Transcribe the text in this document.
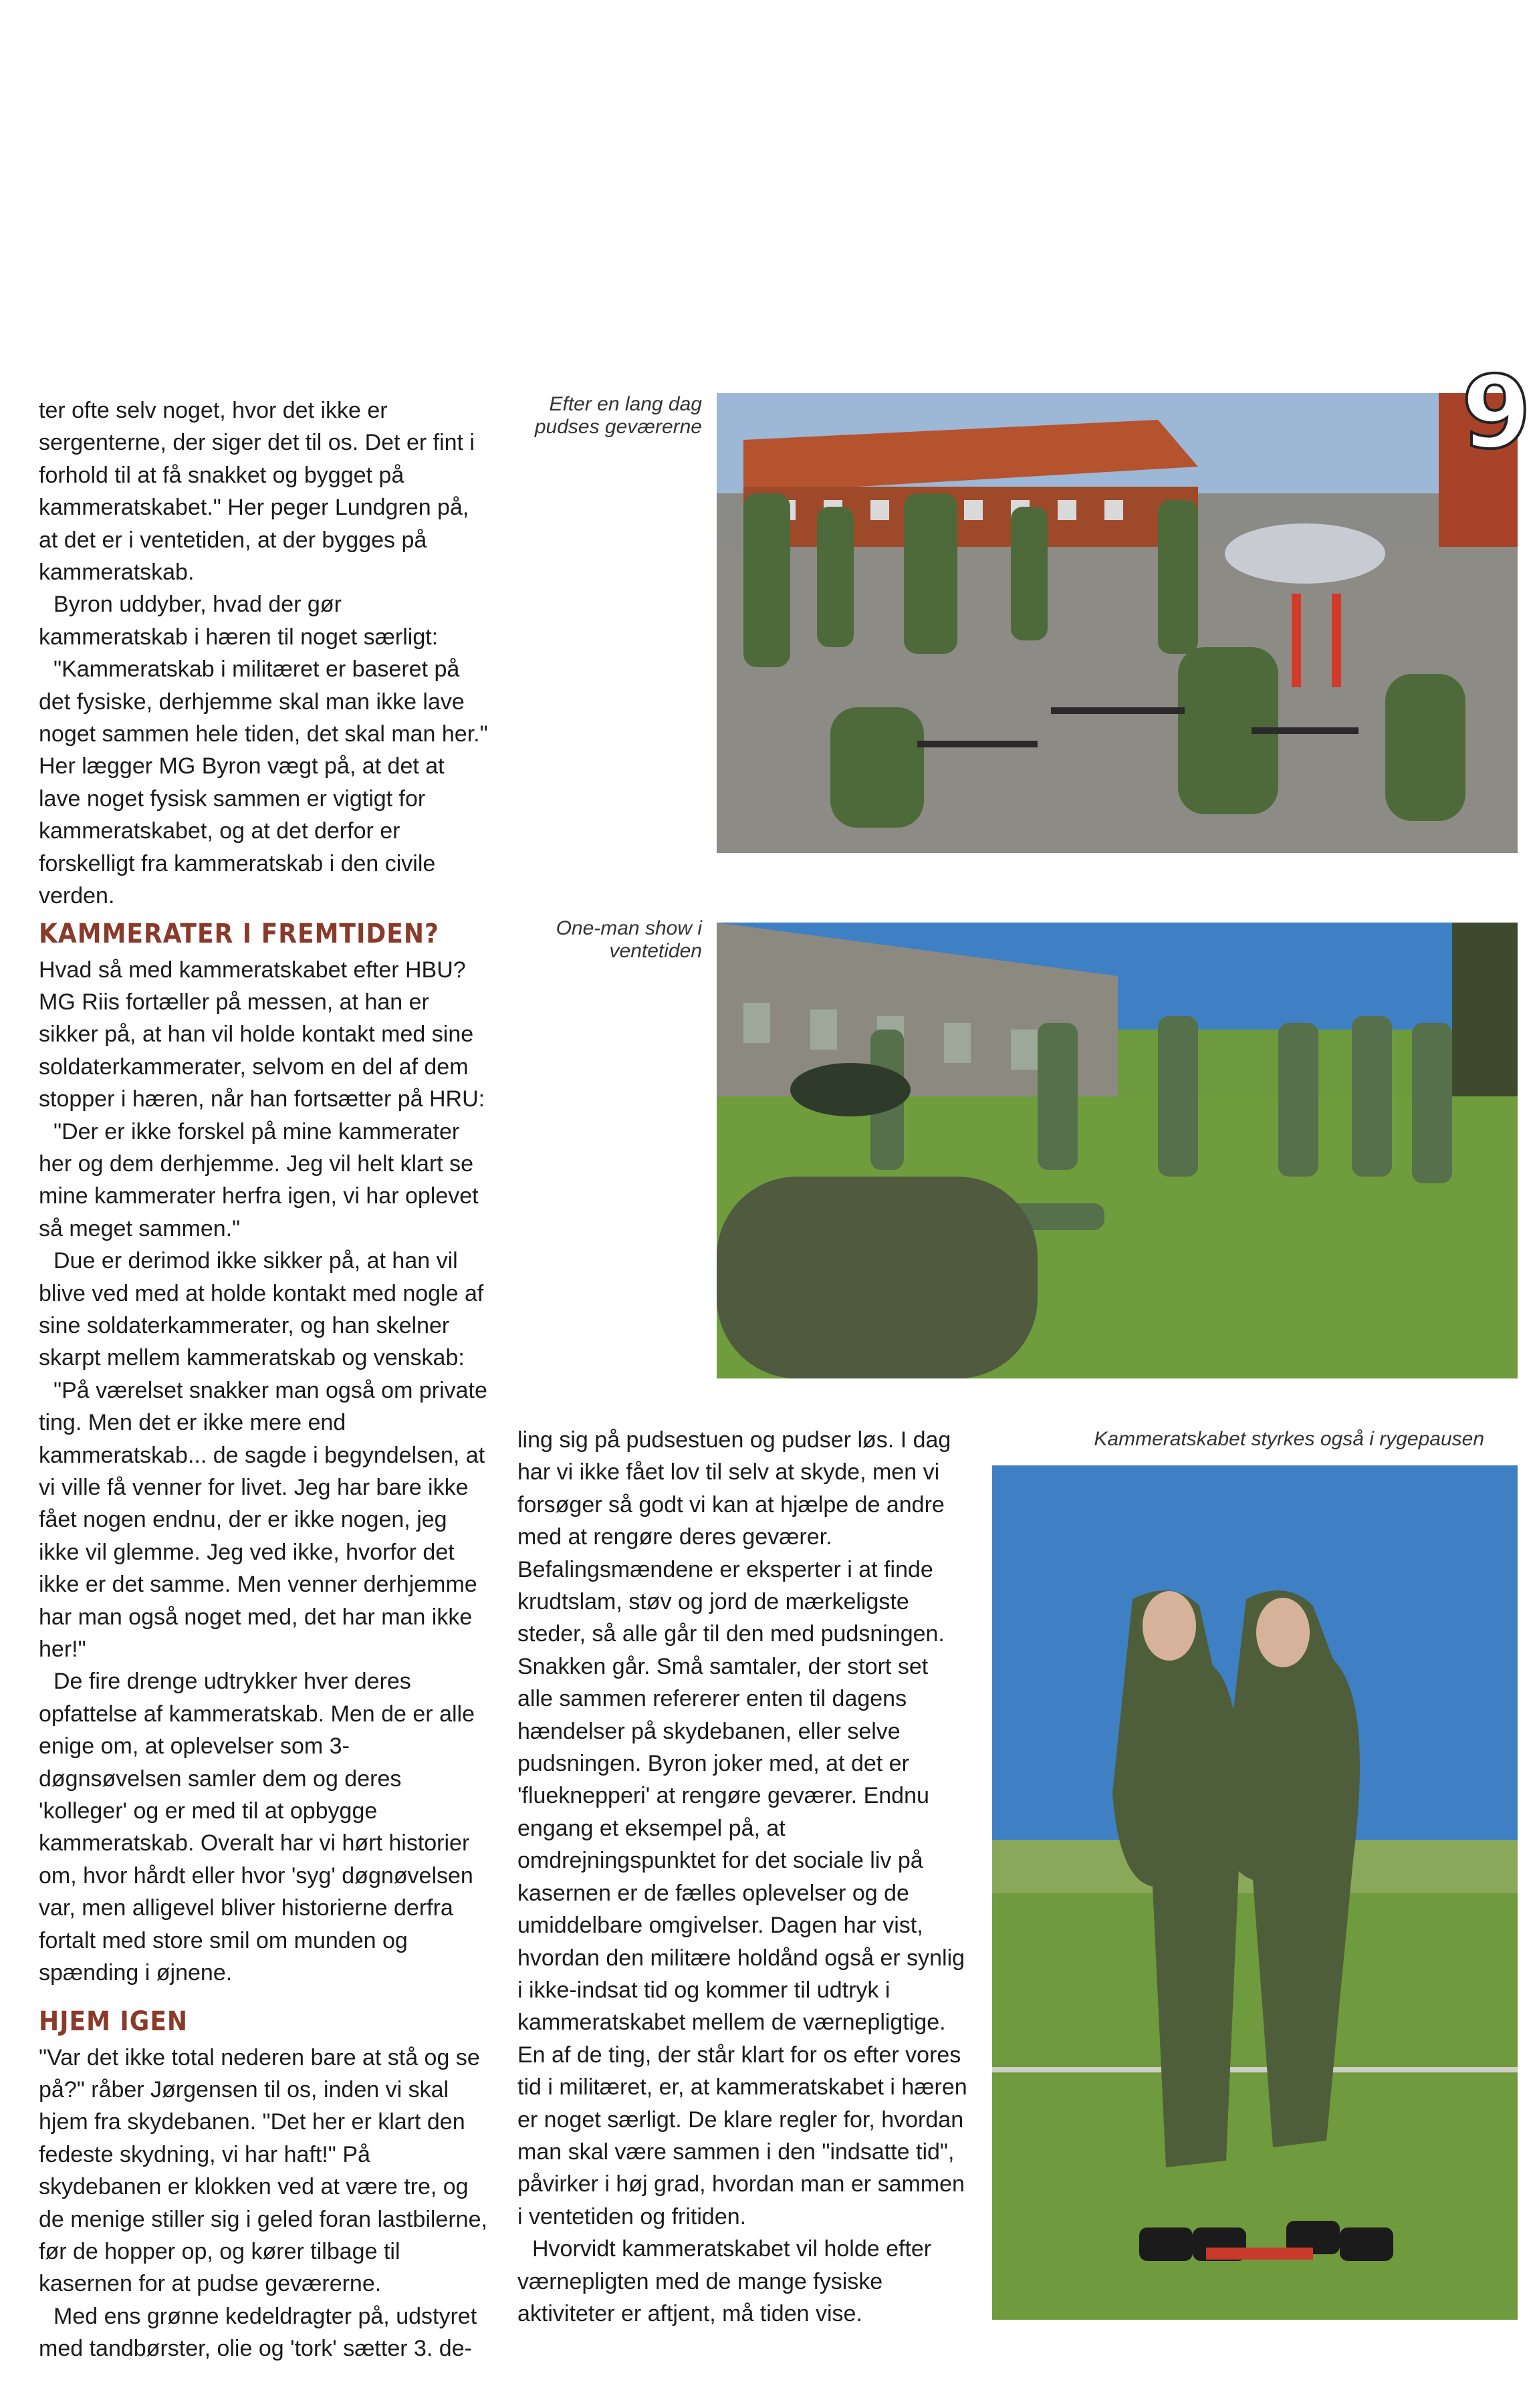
ter ofte selv noget, hvor det ikke er sergenterne, der siger det til os. Det er fint i forhold til at få snakket og bygget på kammeratskabet." Her peger Lundgren på, at det er i ventetiden, at der bygges på kammeratskab.

Byron uddyber, hvad der gør kammeratskab i hæren til noget særligt:

"Kammeratskab i militæret er baseret på det fysiske, derhjemme skal man ikke lave noget sammen hele tiden, det skal man her." Her lægger MG Byron vægt på, at det at lave noget fysisk sammen er vigtigt for kammeratskabet, og at det derfor er forskelligt fra kammeratskab i den civile verden.

KAMMERATER I FREMTIDEN?

Hvad så med kammeratskabet efter HBU? MG Riis fortæller på messen, at han er sikker på, at han vil holde kontakt med sine soldaterkammerater, selvom en del af dem stopper i hæren, når han fortsætter på HRU:

"Der er ikke forskel på mine kammerater her og dem derhjemme. Jeg vil helt klart se mine kammerater herfra igen, vi har oplevet så meget sammen."

Due er derimod ikke sikker på, at han vil blive ved med at holde kontakt med nogle af sine soldaterkammerater, og han skelner skarpt mellem kammeratskab og venskab:

"På værelset snakker man også om private ting. Men det er ikke mere end kammeratskab... de sagde i begyndelsen, at vi ville få venner for livet. Jeg har bare ikke fået nogen endnu, der er ikke nogen, jeg ikke vil glemme. Jeg ved ikke, hvorfor det ikke er det samme. Men venner derhjemme har man også noget med, det har man ikke her!"

De fire drenge udtrykker hver deres opfattelse af kammeratskab. Men de er alle enige om, at oplevelser som 3-døgnsøvelsen samler dem og deres 'kolleger' og er med til at opbygge kammeratskab. Overalt har vi hørt historier om, hvor hårdt eller hvor 'syg' døgnøvelsen var, men alligevel bliver historierne derfra fortalt med store smil om munden og spænding i øjnene.

HJEM IGEN

"Var det ikke total nederen bare at stå og se på?" råber Jørgensen til os, inden vi skal hjem fra skydebanen. "Det her er klart den fedeste skydning, vi har haft!" På skydebanen er klokken ved at være tre, og de menige stiller sig i geled foran lastbilerne, før de hopper op, og kører tilbage til kasernen for at pudse geværerne.

Med ens grønne kedeldragter på, udstyret med tandbørster, olie og 'tork' sætter 3. de-

ling sig på pudsestuen og pudser løs. I dag har vi ikke fået lov til selv at skyde, men vi forsøger så godt vi kan at hjælpe de andre med at rengøre deres geværer. Befalingsmændene er eksperter i at finde krudtslam, støv og jord de mærkeligste steder, så alle går til den med pudsningen. Snakken går. Små samtaler, der stort set alle sammen refererer enten til dagens hændelser på skydebanen, eller selve pudsningen. Byron joker med, at det er 'flueknepperi' at rengøre geværer. Endnu engang et eksempel på, at omdrejningspunktet for det sociale liv på kasernen er de fælles oplevelser og de umiddelbare omgivelser. Dagen har vist, hvordan den militære holdånd også er synlig i ikke-indsat tid og kommer til udtryk i kammeratskabet mellem de værnepligtige. En af de ting, der står klart for os efter vores tid i militæret, er, at kammeratskabet i hæren er noget særligt. De klare regler for, hvordan man skal være sammen i den "indsatte tid", påvirker i høj grad, hvordan man er sammen i ventetiden og fritiden.

Hvorvidt kammeratskabet vil holde efter værnepligten med de mange fysiske aktiviteter er aftjent, må tiden vise.

Efter en lang dag pudses geværerne
One-man show i ventetiden
Kammeratskabet styrkes også i rygepausen
9
